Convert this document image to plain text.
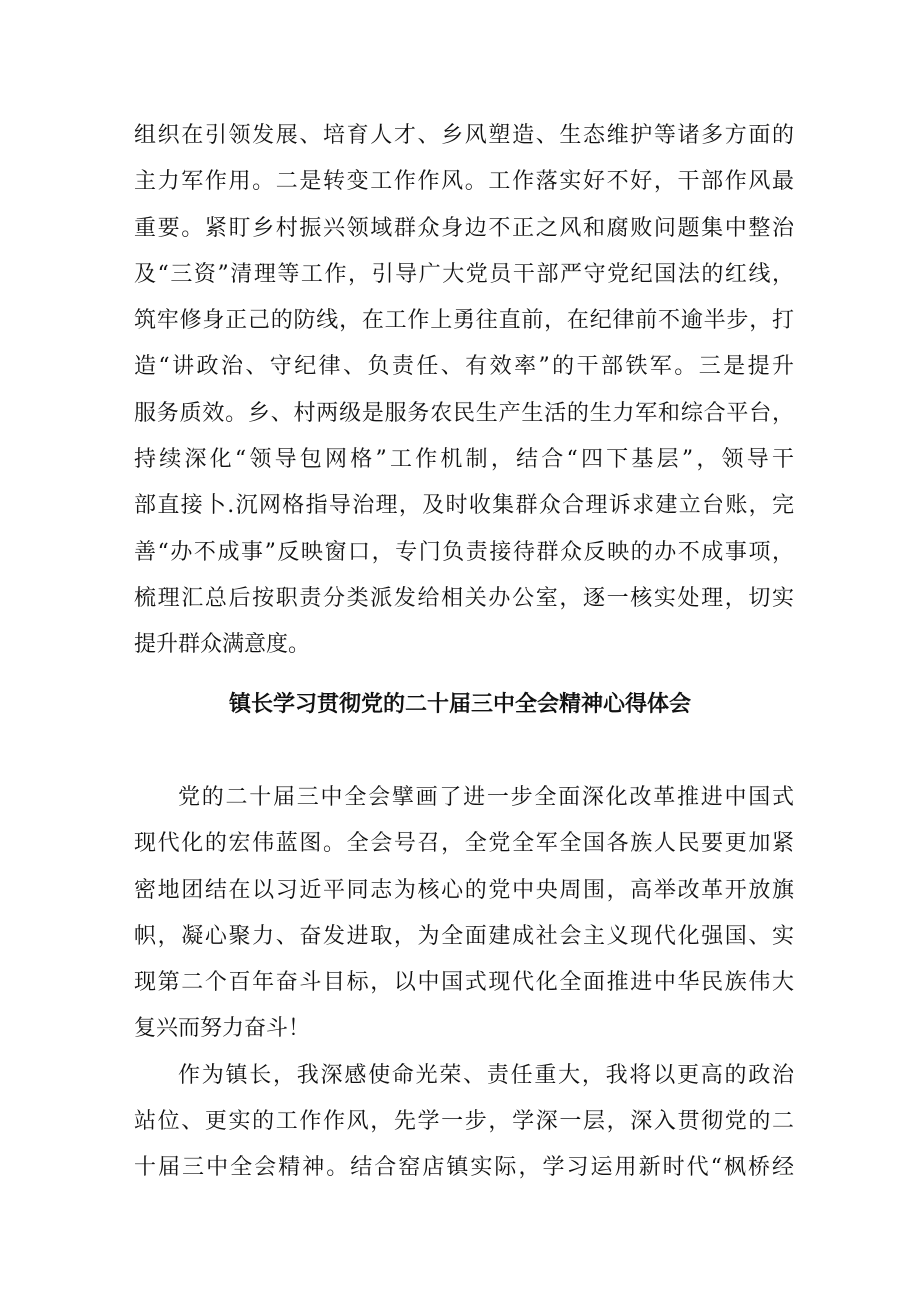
组织在引领发展、培育人才、乡风塑造、生态维护等诸多方面的
主力军作用。二是转变工作作风。工作落实好不好，干部作风最
重要。紧盯乡村振兴领域群众身边不正之风和腐败问题集中整治
及“三资”清理等工作，引导广大党员干部严守党纪国法的红线，
筑牢修身正己的防线，在工作上勇往直前，在纪律前不逾半步，打
造“讲政治、守纪律、负责任、有效率”的干部铁军。三是提升
服务质效。乡、村两级是服务农民生产生活的生力军和综合平台，
持续深化“领导包网格”工作机制，结合“四下基层”，领导干
部直接卜.沉网格指导治理，及时收集群众合理诉求建立台账，完
善“办不成事”反映窗口，专门负责接待群众反映的办不成事项，
梳理汇总后按职责分类派发给相关办公室，逐一核实处理，切实
提升群众满意度。
镇长学习贯彻党的二十届三中全会精神心得体会
党的二十届三中全会擘画了进一步全面深化改革推进中国式
现代化的宏伟蓝图。全会号召，全党全军全国各族人民要更加紧
密地团结在以习近平同志为核心的党中央周围，高举改革开放旗
帜，凝心聚力、奋发进取，为全面建成社会主义现代化强国、实
现第二个百年奋斗目标，以中国式现代化全面推进中华民族伟大
复兴而努力奋斗！
作为镇长，我深感使命光荣、责任重大，我将以更高的政治
站位、更实的工作作风，先学一步，学深一层，深入贯彻党的二
十届三中全会精神。结合窑店镇实际，学习运用新时代“枫桥经
